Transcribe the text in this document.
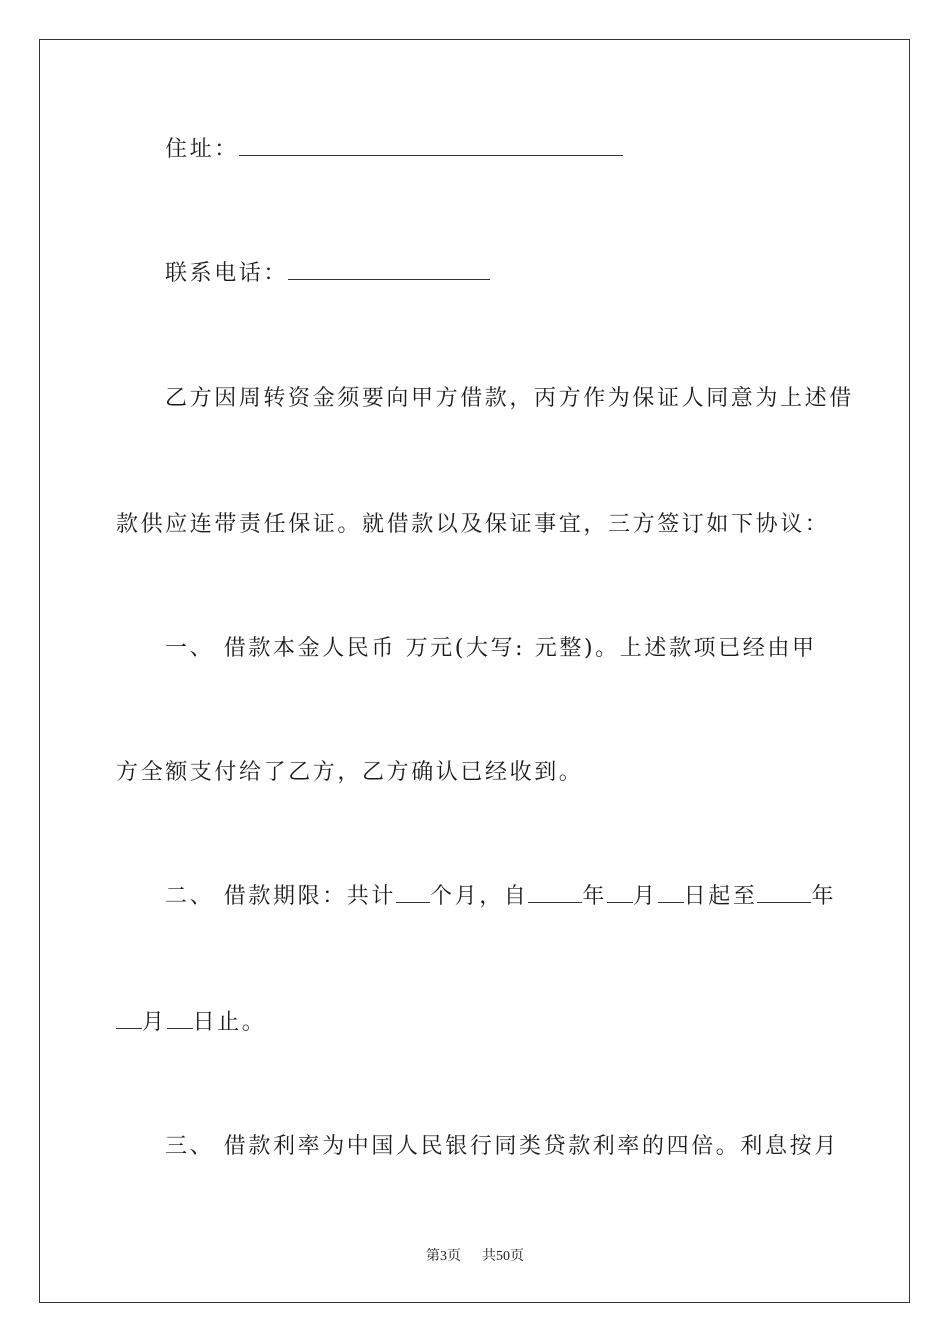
住址：
联系电话：
乙方因周转资金须要向甲方借款，丙方作为保证人同意为上述借
款供应连带责任保证。就借款以及保证事宜，三方签订如下协议：
一、 借款本金人民币 万元(大写: 元整)。上述款项已经由甲
方全额支付给了乙方，乙方确认已经收到。
二、 借款期限：共计 个月，自 年 月 日起至 年
月 日止。
三、 借款利率为中国人民银行同类贷款利率的四倍。利息按月
第3页 共50页
